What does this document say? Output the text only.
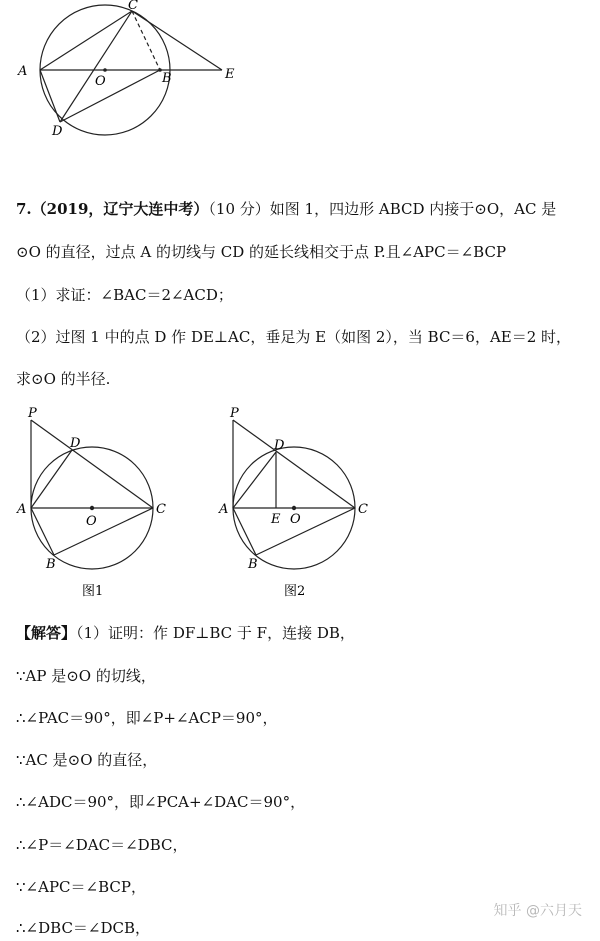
A
O	B
C
E
D
7.（2019，辽宁大连中考）（10 分）如图 1，四边形 ABCD 内接于⊙O，AC 是
⊙O 的直径，过点 A 的切线与 CD 的延长线相交于点 P.且∠APC＝∠BCP
（1）求证：∠BAC＝2∠ACD；
（2）过图 1 中的点 D 作 DE⊥AC，垂足为 E（如图 2），当 BC＝6，AE＝2 时，
求⊙O 的半径.
P
D
A
O
C
B
图1
P
D
A
E O
C
B
图2
【解答】（1）证明：作 DF⊥BC 于 F，连接 DB，
∵AP 是⊙O 的切线，
∴∠PAC＝90°，即∠P+∠ACP＝90°，
∵AC 是⊙O 的直径，
∴∠ADC＝90°，即∠PCA+∠DAC＝90°，
∴∠P＝∠DAC＝∠DBC，
∵∠APC＝∠BCP，
∴∠DBC＝∠DCB，
知乎 @六月天
